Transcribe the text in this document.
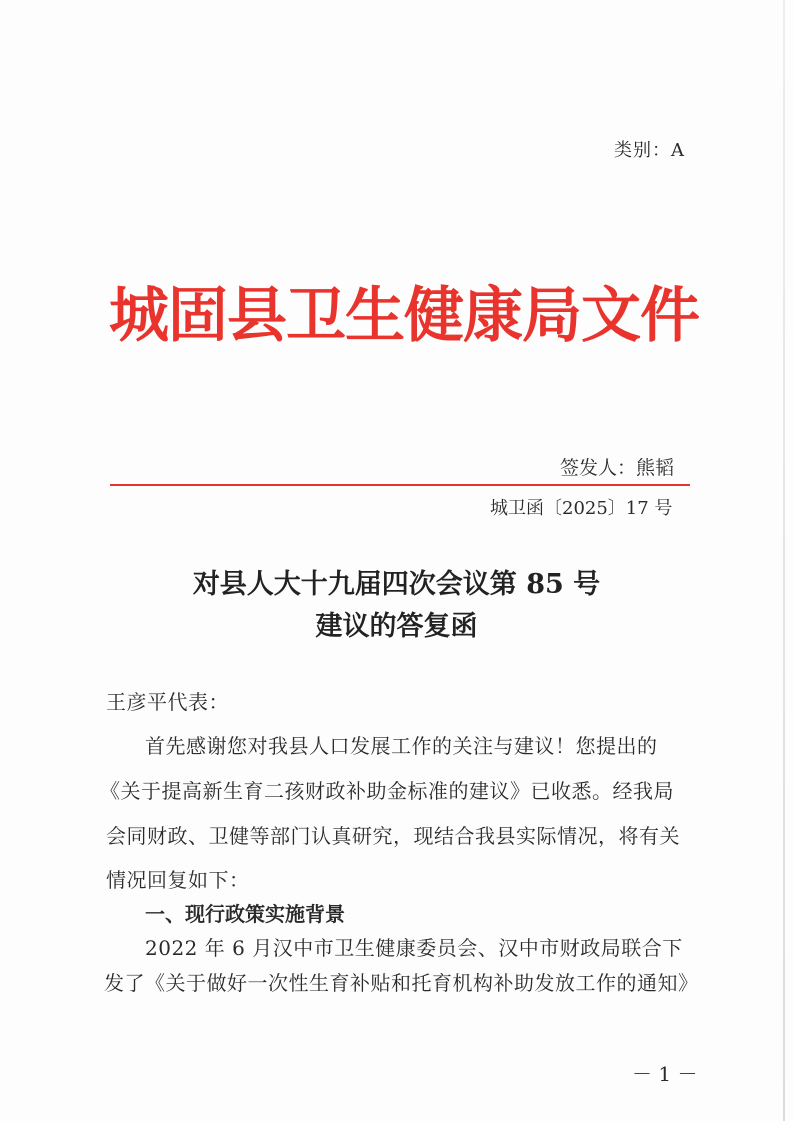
类别：A
城固县卫生健康局文件
签发人：熊韬
城卫函〔2025〕17 号
对县人大十九届四次会议第 85 号
建议的答复函
王彦平代表：
首先感谢您对我县人口发展工作的关注与建议！您提出的
《关于提高新生育二孩财政补助金标准的建议》已收悉。经我局
会同财政、卫健等部门认真研究，现结合我县实际情况，将有关
情况回复如下：
一、现行政策实施背景
2022 年 6 月汉中市卫生健康委员会、汉中市财政局联合下
发了《关于做好一次性生育补贴和托育机构补助发放工作的通知》
－ 1 －
